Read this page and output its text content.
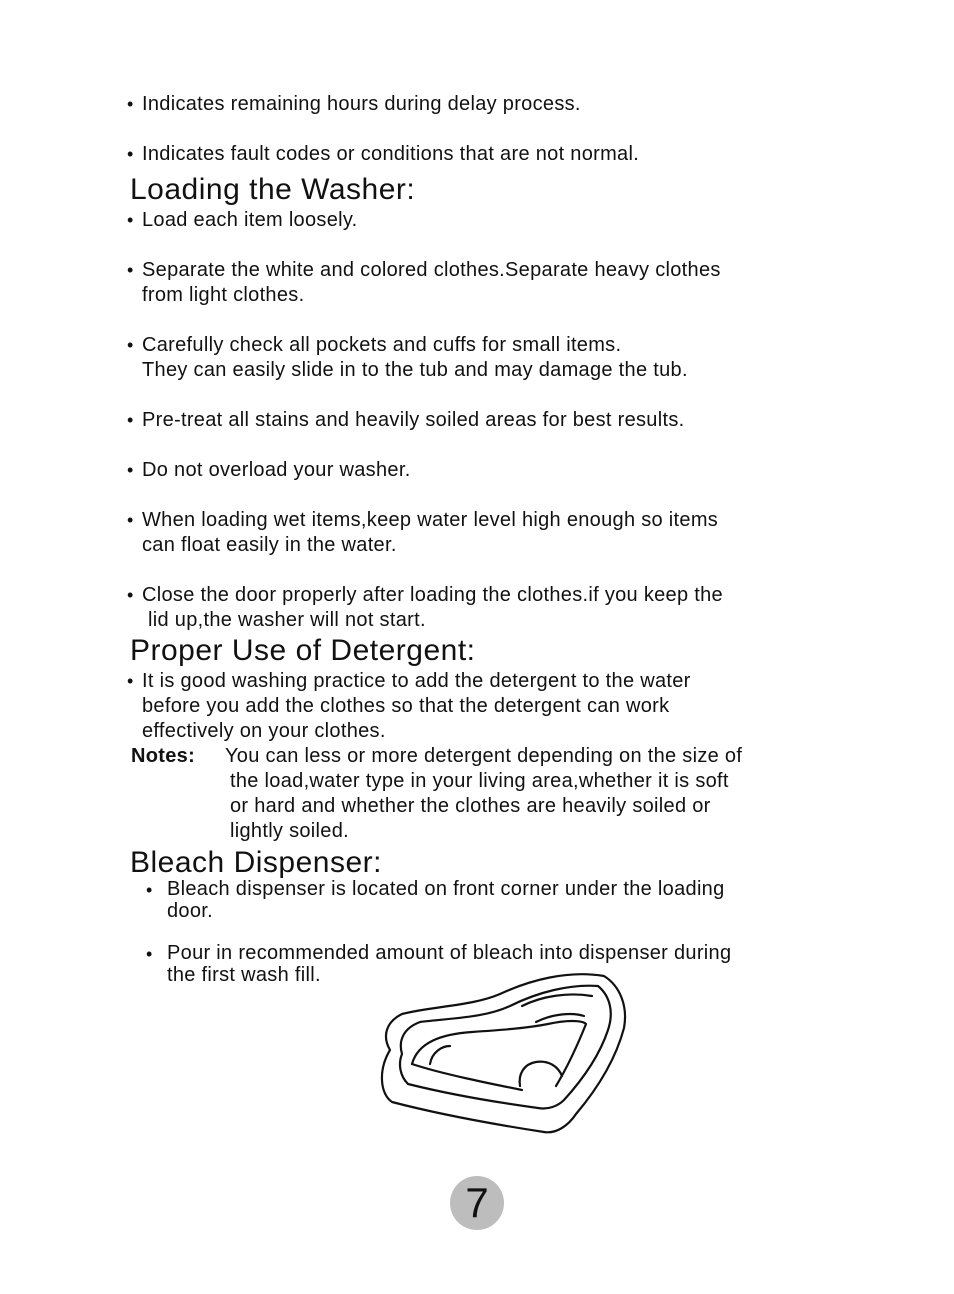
• Indicates remaining hours during delay process.
• Indicates fault codes or conditions that are not normal.
Loading the Washer:
• Load each item loosely.
• Separate the white and colored clothes.Separate heavy clothes
from light clothes.
• Carefully check all pockets and cuffs for small items.
They can easily slide in to the tub and may damage the tub.
• Pre-treat all stains and heavily soiled areas for best results.
• Do not overload your washer.
• When loading wet items,keep water level high enough so items
can float easily in the water.
• Close the door properly after loading the clothes.if you keep the
lid up,the washer will not start.
Proper Use of Detergent:
• It is good washing practice to add the detergent to the water
before you add the clothes so that the detergent can work
effectively on your clothes.
Notes: You can less or more detergent depending on the size of
the load,water type in your living area,whether it is soft
or hard and whether the clothes are heavily soiled or
lightly soiled.
Bleach Dispenser:
• Bleach dispenser is located on front corner under the loading
door.
• Pour in recommended amount of bleach into dispenser during
the first wash fill.
7
